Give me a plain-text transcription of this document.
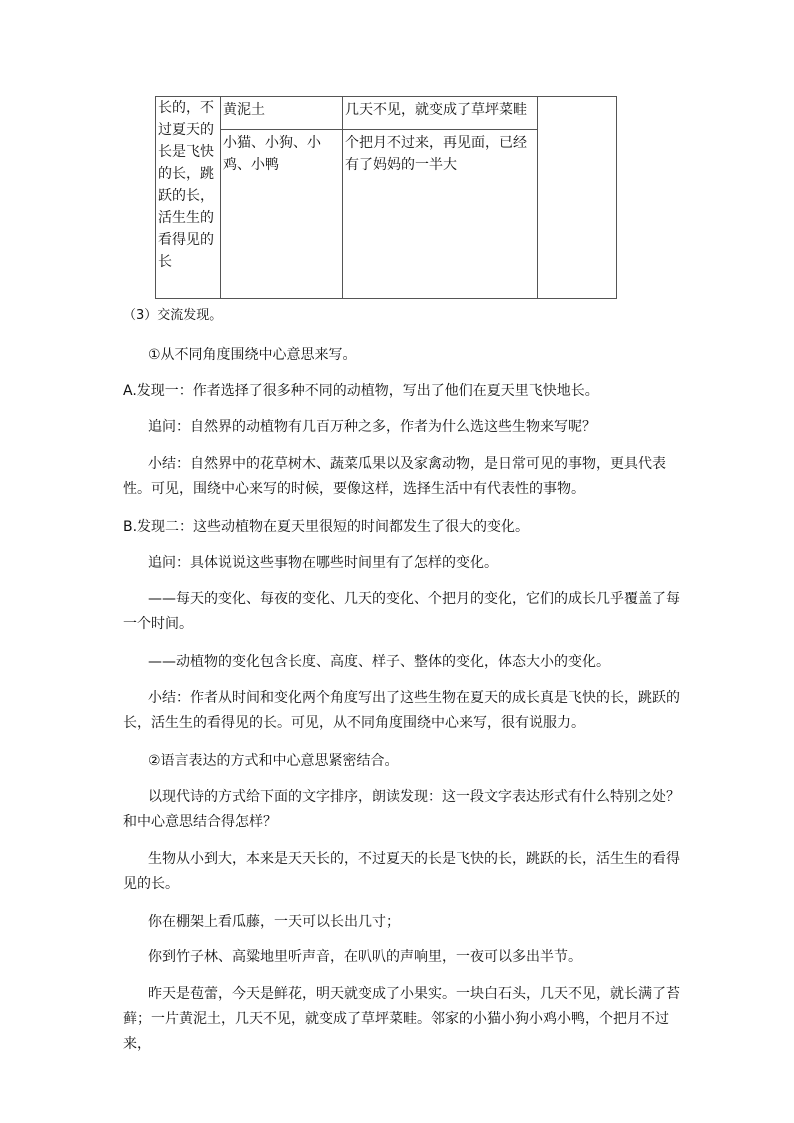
长的，不过夏天的长是飞快的长，跳跃的长，活生生的看得见的长	黄泥土	几天不见，就变成了草坪菜畦	

	小猫、小狗、小鸡、小鸭	个把月不过来，再见面，已经有了妈妈的一半大	

（3）交流发现。

①从不同角度围绕中心意思来写。

A.发现一：作者选择了很多种不同的动植物，写出了他们在夏天里飞快地长。

追问：自然界的动植物有几百万种之多，作者为什么选这些生物来写呢？

小结：自然界中的花草树木、蔬菜瓜果以及家禽动物，是日常可见的事物，更具代表性。可见，围绕中心来写的时候，要像这样，选择生活中有代表性的事物。

B.发现二：这些动植物在夏天里很短的时间都发生了很大的变化。

追问：具体说说这些事物在哪些时间里有了怎样的变化。

——每天的变化、每夜的变化、几天的变化、个把月的变化，它们的成长几乎覆盖了每一个时间。

——动植物的变化包含长度、高度、样子、整体的变化，体态大小的变化。

小结：作者从时间和变化两个角度写出了这些生物在夏天的成长真是飞快的长，跳跃的长，活生生的看得见的长。可见，从不同角度围绕中心来写，很有说服力。

②语言表达的方式和中心意思紧密结合。

以现代诗的方式给下面的文字排序，朗读发现：这一段文字表达形式有什么特别之处？和中心意思结合得怎样？

生物从小到大，本来是天天长的，不过夏天的长是飞快的长，跳跃的长，活生生的看得见的长。

你在棚架上看瓜藤，一天可以长出几寸；

你到竹子林、高粱地里听声音，在叭叭的声响里，一夜可以多出半节。

昨天是苞蕾，今天是鲜花，明天就变成了小果实。一块白石头，几天不见，就长满了苔藓；一片黄泥土，几天不见，就变成了草坪菜畦。邻家的小猫小狗小鸡小鸭，个把月不过来，
